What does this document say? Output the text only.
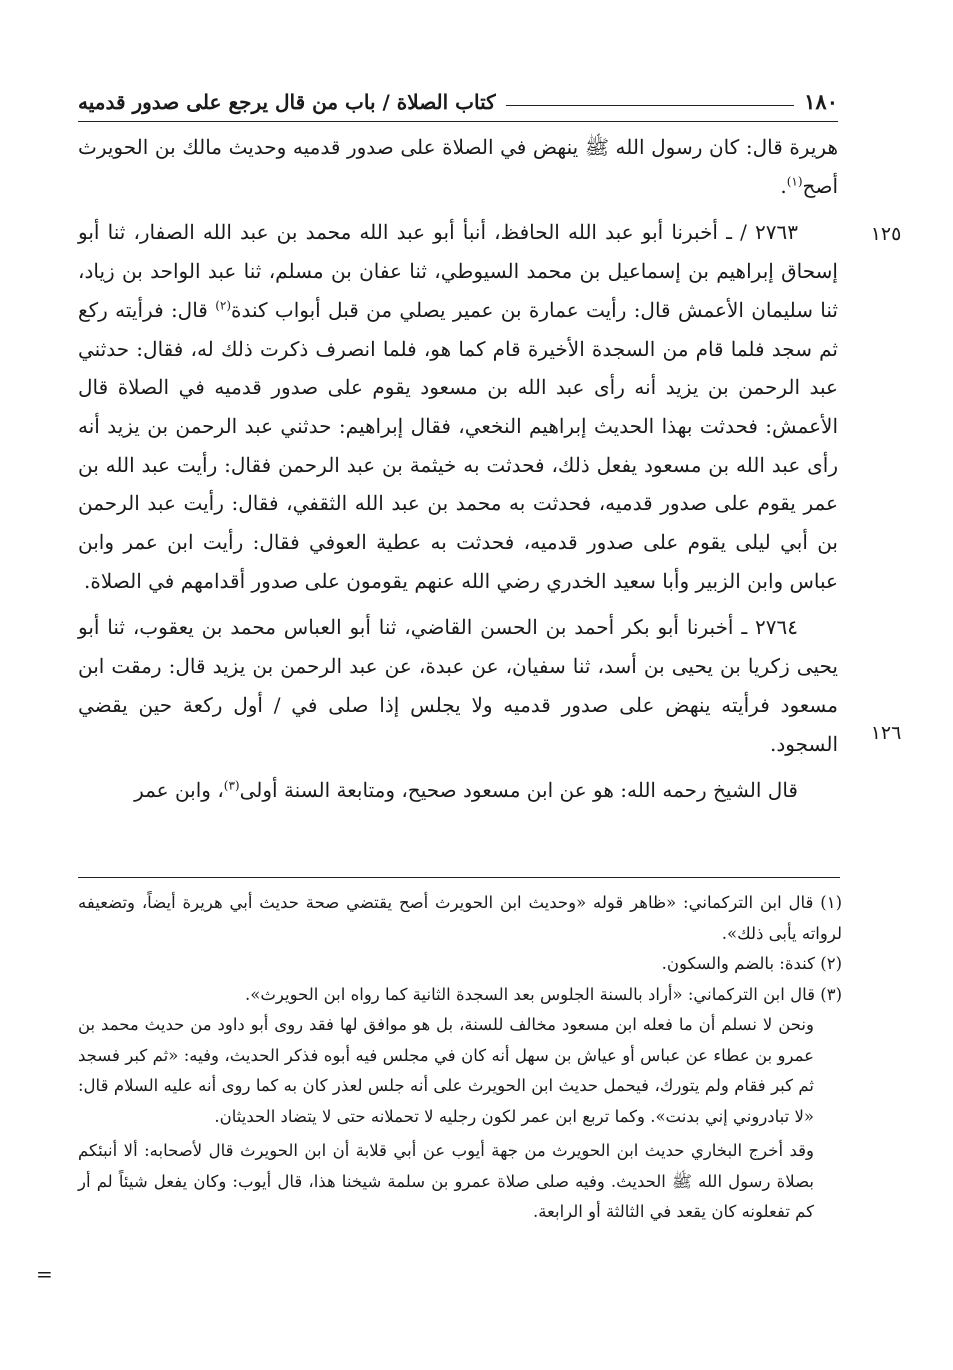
١٨٠
كتاب الصلاة / باب من قال يرجع على صدور قدميه
١٢٥
١٢٦

هريرة قال: كان رسول الله ﷺ ينهض في الصلاة على صدور قدميه وحديث مالك بن الحويرث أصح$^{(١)}$.

٢٧٦٣ / ـ أخبرنا أبو عبد الله الحافظ، أنبأ أبو عبد الله محمد بن عبد الله الصفار، ثنا أبو إسحاق إبراهيم بن إسماعيل بن محمد السيوطي، ثنا عفان بن مسلم، ثنا عبد الواحد بن زياد، ثنا سليمان الأعمش قال: رأيت عمارة بن عمير يصلي من قبل أبواب كندة$^{(٢)}$ قال: فرأيته ركع ثم سجد فلما قام من السجدة الأخيرة قام كما هو، فلما انصرف ذكرت ذلك له، فقال: حدثني عبد الرحمن بن يزيد أنه رأى عبد الله بن مسعود يقوم على صدور قدميه في الصلاة قال الأعمش: فحدثت بهذا الحديث إبراهيم النخعي، فقال إبراهيم: حدثني عبد الرحمن بن يزيد أنه رأى عبد الله بن مسعود يفعل ذلك، فحدثت به خيثمة بن عبد الرحمن فقال: رأيت عبد الله بن عمر يقوم على صدور قدميه، فحدثت به محمد بن عبد الله الثقفي، فقال: رأيت عبد الرحمن بن أبي ليلى يقوم على صدور قدميه، فحدثت به عطية العوفي فقال: رأيت ابن عمر وابن عباس وابن الزبير وأبا سعيد الخدري رضي الله عنهم يقومون على صدور أقدامهم في الصلاة.

٢٧٦٤ ـ أخبرنا أبو بكر أحمد بن الحسن القاضي، ثنا أبو العباس محمد بن يعقوب، ثنا أبو يحيى زكريا بن يحيى بن أسد، ثنا سفيان، عن عبدة، عن عبد الرحمن بن يزيد قال: رمقت ابن مسعود فرأيته ينهض على صدور قدميه ولا يجلس إذا صلى في / أول ركعة حين يقضي السجود.

قال الشيخ رحمه الله: هو عن ابن مسعود صحيح، ومتابعة السنة أولى$^{(٣)}$، وابن عمر

(١) قال ابن التركماني: «ظاهر قوله «وحديث ابن الحويرث أصح يقتضي صحة حديث أبي هريرة أيضاً، وتضعيفه لرواته يأبى ذلك».

(٢) كندة: بالضم والسكون.

(٣) قال ابن التركماني: «أراد بالسنة الجلوس بعد السجدة الثانية كما رواه ابن الحويرث».

ونحن لا نسلم أن ما فعله ابن مسعود مخالف للسنة، بل هو موافق لها فقد روى أبو داود من حديث محمد بن عمرو بن عطاء عن عباس أو عياش بن سهل أنه كان في مجلس فيه أبوه فذكر الحديث، وفيه: «ثم كبر فسجد ثم كبر فقام ولم يتورك، فيحمل حديث ابن الحويرث على أنه جلس لعذر كان به كما روى أنه عليه السلام قال: «لا تبادروني إني بدنت». وكما تربع ابن عمر لكون رجليه لا تحملانه حتى لا يتضاد الحديثان.

وقد أخرج البخاري حديث ابن الحويرث من جهة أيوب عن أبي قلابة أن ابن الحويرث قال لأصحابه: ألا أنبئكم بصلاة رسول الله ﷺ الحديث. وفيه صلى صلاة عمرو بن سلمة شيخنا هذا، قال أيوب: وكان يفعل شيئاً لم أر كم تفعلونه كان يقعد في الثالثة أو الرابعة.

=
